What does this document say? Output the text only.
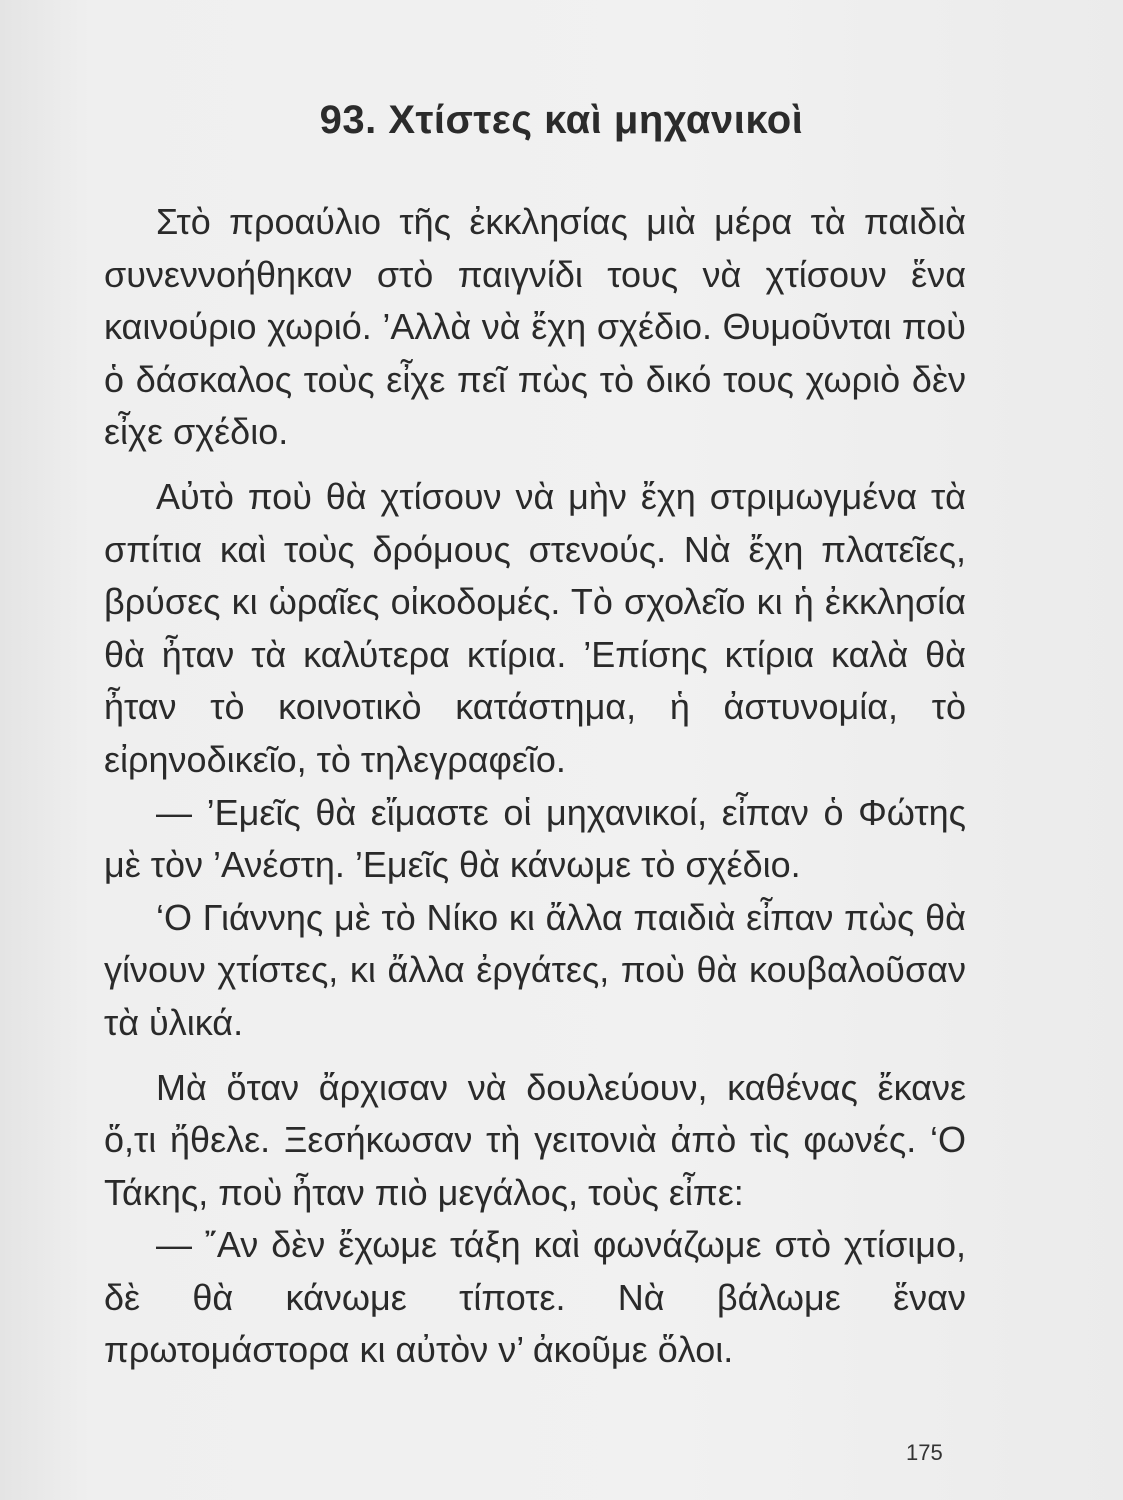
93. Χτίστες καὶ μηχανικοὶ

Στὸ προαύλιο τῆς ἐκκλησίας μιὰ μέρα τὰ παιδιὰ συνεννοήθηκαν στὸ παιγνίδι τους νὰ χτίσουν ἕνα καινούριο χωριό. ’Αλλὰ νὰ ἔχη σχέδιο. Θυμοῦνται ποὺ ὁ δάσκαλος τοὺς εἶχε πεῖ πὼς τὸ δικό τους χωριὸ δὲν εἶχε σχέδιο.

Αὐτὸ ποὺ θὰ χτίσουν νὰ μὴν ἔχη στριμωγμένα τὰ σπίτια καὶ τοὺς δρόμους στενούς. Νὰ ἔχη πλατεῖες, βρύσες κι ὡραῖες οἰκοδομές. Τὸ σχολεῖο κι ἡ ἐκκλησία θὰ ἦταν τὰ καλύτερα κτίρια. ’Επίσης κτίρια καλὰ θὰ ἦταν τὸ κοινοτικὸ κατάστημα, ἡ ἀστυνομία, τὸ εἰρηνοδικεῖο, τὸ τηλεγραφεῖο.

— ’Εμεῖς θὰ εἴμαστε οἱ μηχανικοί, εἶπαν ὁ Φώτης μὲ τὸν ’Ανέστη. ’Εμεῖς θὰ κάνωμε τὸ σχέδιο.

‘Ο Γιάννης μὲ τὸ Νίκο κι ἄλλα παιδιὰ εἶπαν πὼς θὰ γίνουν χτίστες, κι ἄλλα ἐργάτες, ποὺ θὰ κουβαλοῦσαν τὰ ὑλικά.

Μὰ ὅταν ἄρχισαν νὰ δουλεύουν, καθένας ἔκανε ὅ,τι ἤθελε. Ξεσήκωσαν τὴ γειτονιὰ ἀπὸ τὶς φωνές. ‘Ο Τάκης, ποὺ ἦταν πιὸ μεγάλος, τοὺς εἶπε:

— ῎Αν δὲν ἔχωμε τάξη καὶ φωνάζωμε στὸ χτίσιμο, δὲ θὰ κάνωμε τίποτε. Νὰ βάλωμε ἕναν πρωτομάστορα κι αὐτὸν ν’ ἀκοῦμε ὅλοι.

175
